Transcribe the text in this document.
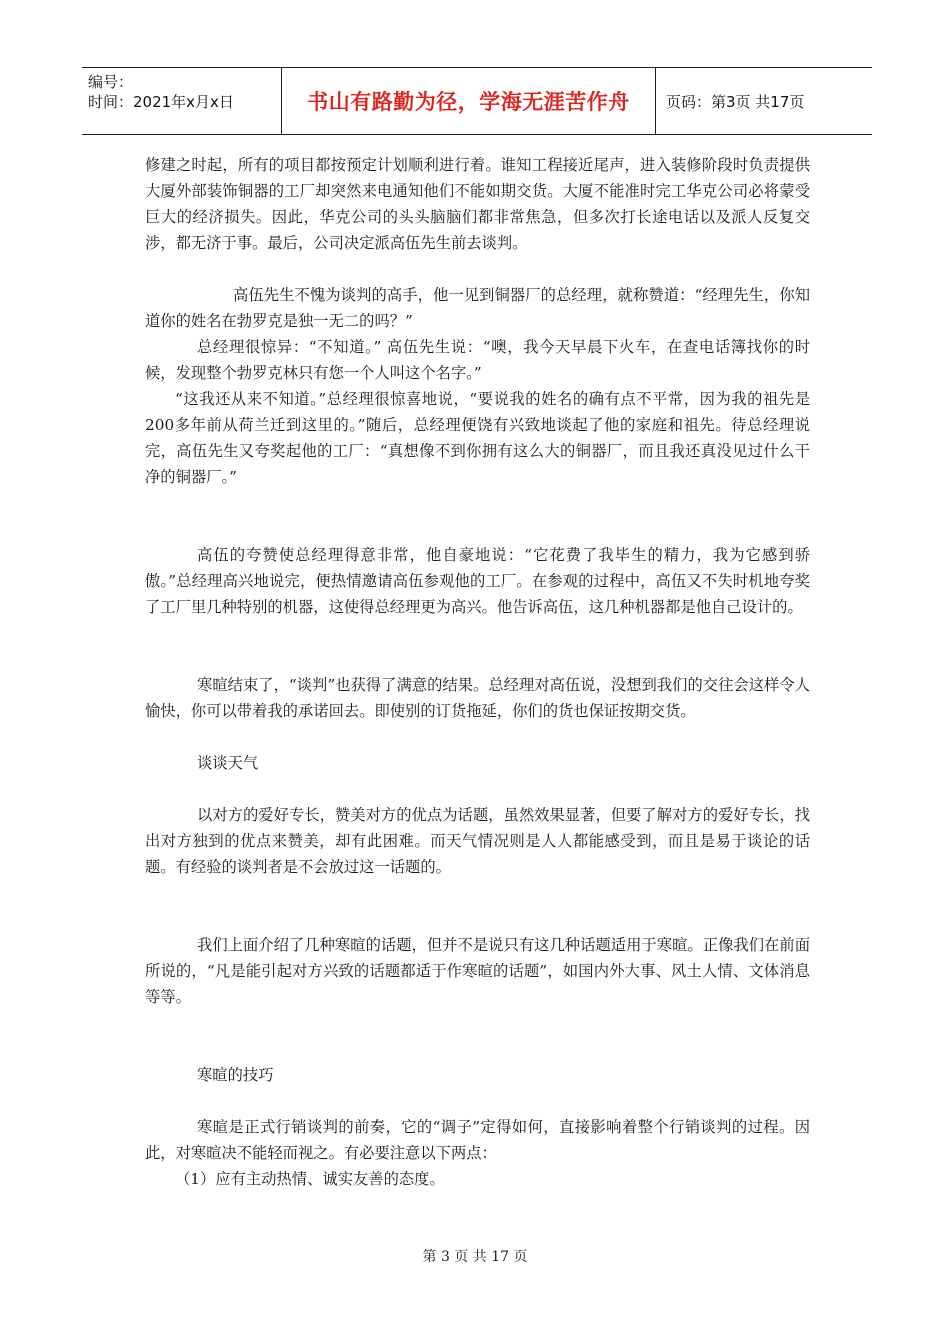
编号：
时间：2021年x月x日	书山有路勤为径，学海无涯苦作舟	页码：第3页 共17页

修建之时起，所有的项目都按预定计划顺利进行着。谁知工程接近尾声，进入装修阶段时负责提供大厦外部装饰铜器的工厂却突然来电通知他们不能如期交货。大厦不能准时完工华克公司必将蒙受巨大的经济损失。因此，华克公司的头头脑脑们都非常焦急，但多次打长途电话以及派人反复交涉，都无济于事。最后，公司决定派高伍先生前去谈判。

高伍先生不愧为谈判的高手，他一见到铜器厂的总经理，就称赞道：“经理先生，你知道你的姓名在勃罗克是独一无二的吗？”

总经理很惊异：“不知道。” 高伍先生说：“噢，我今天早晨下火车，在查电话簿找你的时候，发现整个勃罗克林只有您一个人叫这个名字。”

“这我还从来不知道。”总经理很惊喜地说，“要说我的姓名的确有点不平常，因为我的祖先是200多年前从荷兰迁到这里的。”随后，总经理便饶有兴致地谈起了他的家庭和祖先。待总经理说完，高伍先生又夸奖起他的工厂：“真想像不到你拥有这么大的铜器厂，而且我还真没见过什么干净的铜器厂。”

高伍的夸赞使总经理得意非常，他自豪地说：“它花费了我毕生的精力，我为它感到骄傲。”总经理高兴地说完，便热情邀请高伍参观他的工厂。在参观的过程中，高伍又不失时机地夸奖了工厂里几种特别的机器，这使得总经理更为高兴。他告诉高伍，这几种机器都是他自己设计的。

寒暄结束了，“谈判”也获得了满意的结果。总经理对高伍说，没想到我们的交往会这样令人愉快，你可以带着我的承诺回去。即使别的订货拖延，你们的货也保证按期交货。

谈谈天气

以对方的爱好专长，赞美对方的优点为话题，虽然效果显著，但要了解对方的爱好专长，找出对方独到的优点来赞美，却有此困难。而天气情况则是人人都能感受到，而且是易于谈论的话题。有经验的谈判者是不会放过这一话题的。

我们上面介绍了几种寒暄的话题，但并不是说只有这几种话题适用于寒暄。正像我们在前面所说的，“凡是能引起对方兴致的话题都适于作寒暄的话题”，如国内外大事、风土人情、文体消息等等。

寒暄的技巧

寒暄是正式行销谈判的前奏，它的“调子”定得如何，直接影响着整个行销谈判的过程。因此，对寒暄决不能轻而视之。有必要注意以下两点：

（1）应有主动热情、诚实友善的态度。

第 3 页 共 17 页
